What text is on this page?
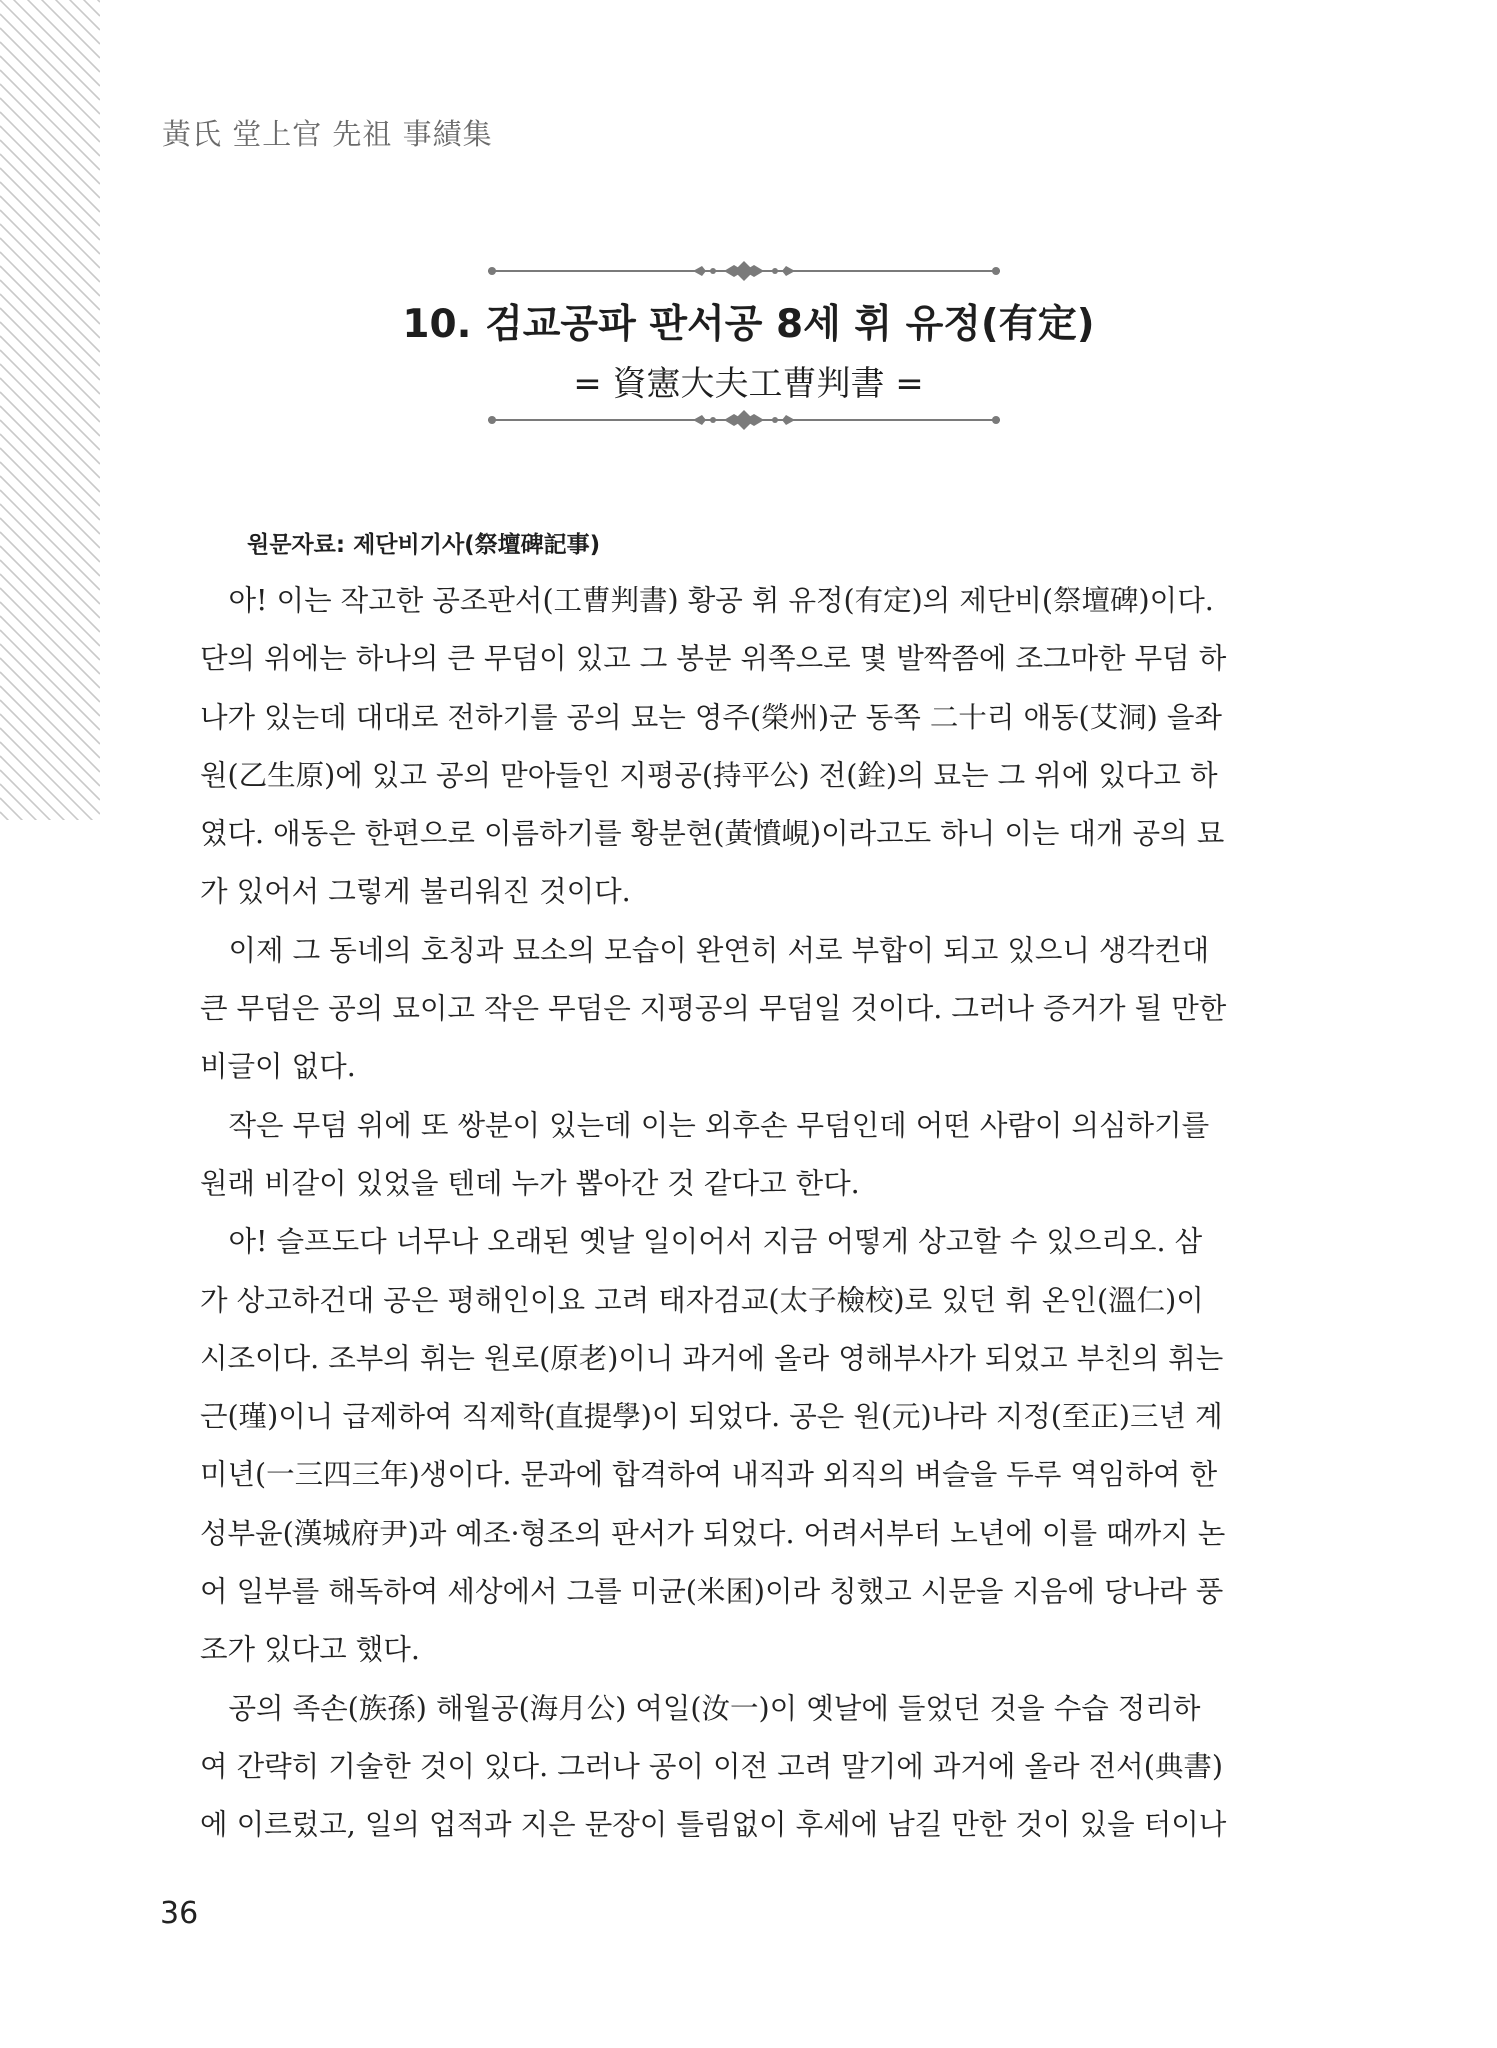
黃氏 堂上官 先祖 事績集
10. 검교공파 판서공 8세 휘 유정(有定)
= 資憲大夫工曹判書 =
원문자료: 제단비기사(祭壇碑記事)
　아! 이는 작고한 공조판서(工曹判書) 황공 휘 유정(有定)의 제단비(祭壇碑)이다.
단의 위에는 하나의 큰 무덤이 있고 그 봉분 위쪽으로 몇 발짝쯤에 조그마한 무덤 하
나가 있는데 대대로 전하기를 공의 묘는 영주(榮州)군 동쪽 二十리 애동(艾洞) 을좌
원(乙生原)에 있고 공의 맏아들인 지평공(持平公) 전(銓)의 묘는 그 위에 있다고 하
였다. 애동은 한편으로 이름하기를 황분현(黃憤峴)이라고도 하니 이는 대개 공의 묘
가 있어서 그렇게 불리워진 것이다.
　이제 그 동네의 호칭과 묘소의 모습이 완연히 서로 부합이 되고 있으니 생각컨대
큰 무덤은 공의 묘이고 작은 무덤은 지평공의 무덤일 것이다. 그러나 증거가 될 만한
비글이 없다.
　작은 무덤 위에 또 쌍분이 있는데 이는 외후손 무덤인데 어떤 사람이 의심하기를
원래 비갈이 있었을 텐데 누가 뽑아간 것 같다고 한다.
　아! 슬프도다 너무나 오래된 옛날 일이어서 지금 어떻게 상고할 수 있으리오. 삼
가 상고하건대 공은 평해인이요 고려 태자검교(太子檢校)로 있던 휘 온인(溫仁)이
시조이다. 조부의 휘는 원로(原老)이니 과거에 올라 영해부사가 되었고 부친의 휘는
근(瑾)이니 급제하여 직제학(直提學)이 되었다. 공은 원(元)나라 지정(至正)三년 계
미년(一三四三年)생이다. 문과에 합격하여 내직과 외직의 벼슬을 두루 역임하여 한
성부윤(漢城府尹)과 예조·형조의 판서가 되었다. 어려서부터 노년에 이를 때까지 논
어 일부를 해독하여 세상에서 그를 미균(米囷)이라 칭했고 시문을 지음에 당나라 풍
조가 있다고 했다.
　공의 족손(族孫) 해월공(海月公) 여일(汝一)이 옛날에 들었던 것을 수습 정리하
여 간략히 기술한 것이 있다. 그러나 공이 이전 고려 말기에 과거에 올라 전서(典書)
에 이르렀고, 일의 업적과 지은 문장이 틀림없이 후세에 남길 만한 것이 있을 터이나
36
